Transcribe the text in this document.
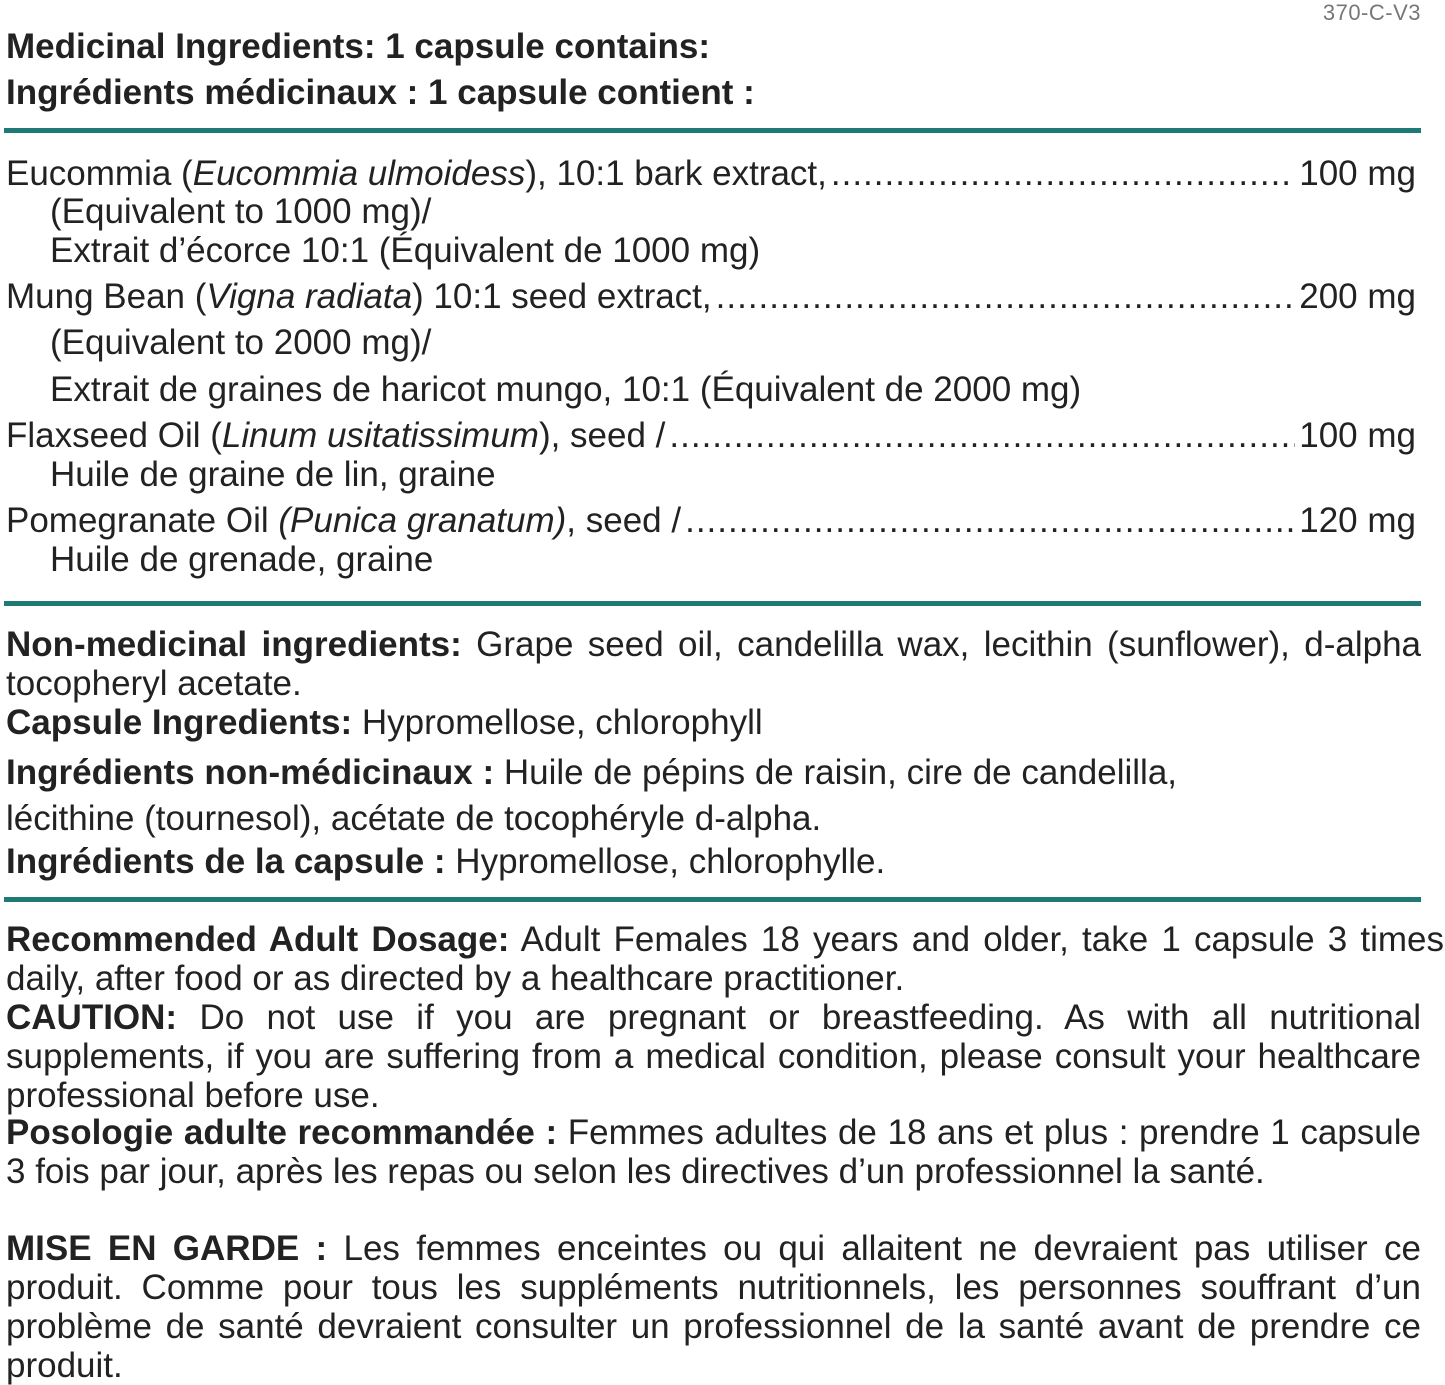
370-C-V3
Medicinal Ingredients: 1 capsule contains:
Ingrédients médicinaux : 1 capsule contient :
Eucommia (Eucommia ulmoidess), 10:1 bark extract, .....	100 mg
(Equivalent to 1000 mg)/
Extrait d’écorce 10:1 (Équivalent de 1000 mg)
Mung Bean (Vigna radiata) 10:1 seed extract, .....	200 mg
(Equivalent to 2000 mg)/
Extrait de graines de haricot mungo, 10:1 (Équivalent de 2000 mg)
Flaxseed Oil (Linum usitatissimum), seed / .....	100 mg
Huile de graine de lin, graine
Pomegranate Oil (Punica granatum), seed / .....	120 mg
Huile de grenade, graine
Non-medicinal ingredients: Grape seed oil, candelilla wax, lecithin (sunflower), d-alpha tocopheryl acetate.
Capsule Ingredients: Hypromellose, chlorophyll
Ingrédients non-médicinaux : Huile de pépins de raisin, cire de candelilla, lécithine (tournesol), acétate de tocophéryle d-alpha.
Ingrédients de la capsule : Hypromellose, chlorophylle.
Recommended Adult Dosage: Adult Females 18 years and older, take 1 capsule 3 times daily, after food or as directed by a healthcare practitioner.
CAUTION: Do not use if you are pregnant or breastfeeding. As with all nutritional supplements, if you are suffering from a medical condition, please consult your healthcare professional before use.
Posologie adulte recommandée : Femmes adultes de 18 ans et plus : prendre 1 capsule 3 fois par jour, après les repas ou selon les directives d’un professionnel la santé.
MISE EN GARDE : Les femmes enceintes ou qui allaitent ne devraient pas utiliser ce produit. Comme pour tous les suppléments nutritionnels, les personnes souffrant d’un problème de santé devraient consulter un professionnel de la santé avant de prendre ce produit.
